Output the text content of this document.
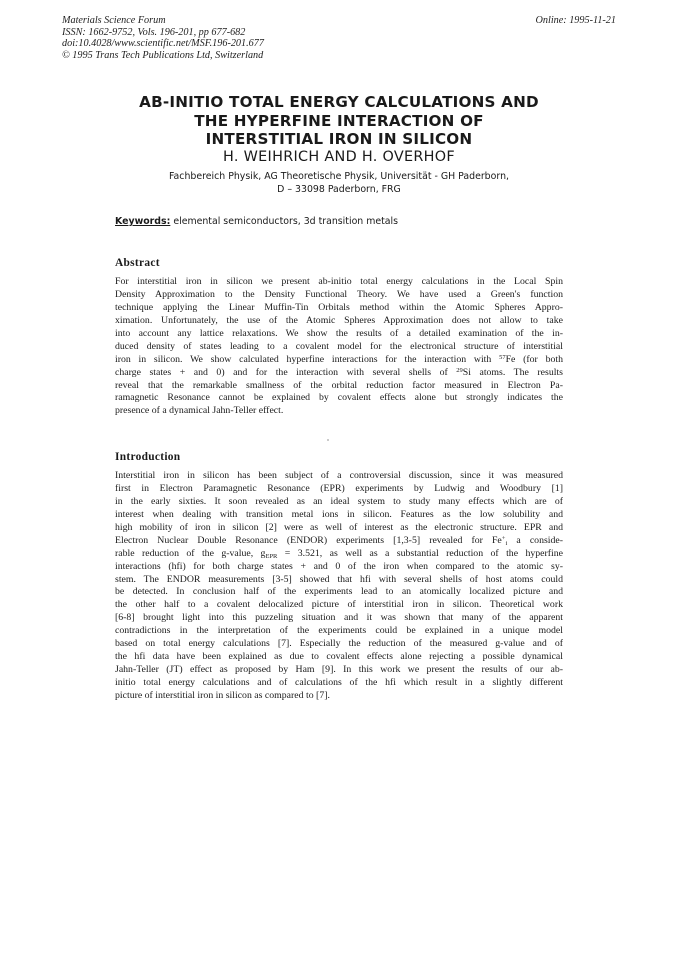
Materials Science Forum
ISSN: 1662-9752, Vols. 196-201, pp 677-682
doi:10.4028/www.scientific.net/MSF.196-201.677
© 1995 Trans Tech Publications Ltd, Switzerland
Online: 1995-11-21
AB-INITIO TOTAL ENERGY CALCULATIONS AND
THE HYPERFINE INTERACTION OF
INTERSTITIAL IRON IN SILICON
H. WEIHRICH AND H. OVERHOF
Fachbereich Physik, AG Theoretische Physik, Universität - GH Paderborn,
D – 33098 Paderborn, FRG
Keywords: elemental semiconductors, 3d transition metals
Abstract
For interstitial iron in silicon we present ab-initio total energy calculations in the Local Spin
Density Approximation to the Density Functional Theory. We have used a Green's function
technique applying the Linear Muffin-Tin Orbitals method within the Atomic Spheres Appro-
ximation. Unfortunately, the use of the Atomic Spheres Approximation does not allow to take
into account any lattice relaxations. We show the results of a detailed examination of the in-
duced density of states leading to a covalent model for the electronical structure of interstitial
iron in silicon. We show calculated hyperfine interactions for the interaction with $^{57}$Fe (for both
charge states + and 0) and for the interaction with several shells of $^{29}$Si atoms. The results
reveal that the remarkable smallness of the orbital reduction factor measured in Electron Pa-
ramagnetic Resonance cannot be explained by covalent effects alone but strongly indicates the
presence of a dynamical Jahn-Teller effect.
Introduction
Interstitial iron in silicon has been subject of a controversial discussion, since it was measured
first in Electron Paramagnetic Resonance (EPR) experiments by Ludwig and Woodbury [1]
in the early sixties. It soon revealed as an ideal system to study many effects which are of
interest when dealing with transition metal ions in silicon. Features as the low solubility and
high mobility of iron in silicon [2] were as well of interest as the electronic structure. EPR and
Electron Nuclear Double Resonance (ENDOR) experiments [1,3-5] revealed for $Fe^+_i$ a conside-
rable reduction of the g-value, $g_{EPR} = 3.521$, as well as a substantial reduction of the hyperfine
interactions (hfi) for both charge states + and 0 of the iron when compared to the atomic sy-
stem. The ENDOR measurements [3-5] showed that hfi with several shells of host atoms could
be detected. In conclusion half of the experiments lead to an atomically localized picture and
the other half to a covalent delocalized picture of interstitial iron in silicon. Theoretical work
[6-8] brought light into this puzzeling situation and it was shown that many of the apparent
contradictions in the interpretation of the experiments could be explained in a unique model
based on total energy calculations [7]. Especially the reduction of the measured g-value and of
the hfi data have been explained as due to covalent effects alone rejecting a possible dynamical
Jahn-Teller (JT) effect as proposed by Ham [9]. In this work we present the results of our ab-
initio total energy calculations and of calculations of the hfi which result in a slightly different
picture of interstitial iron in silicon as compared to [7].
